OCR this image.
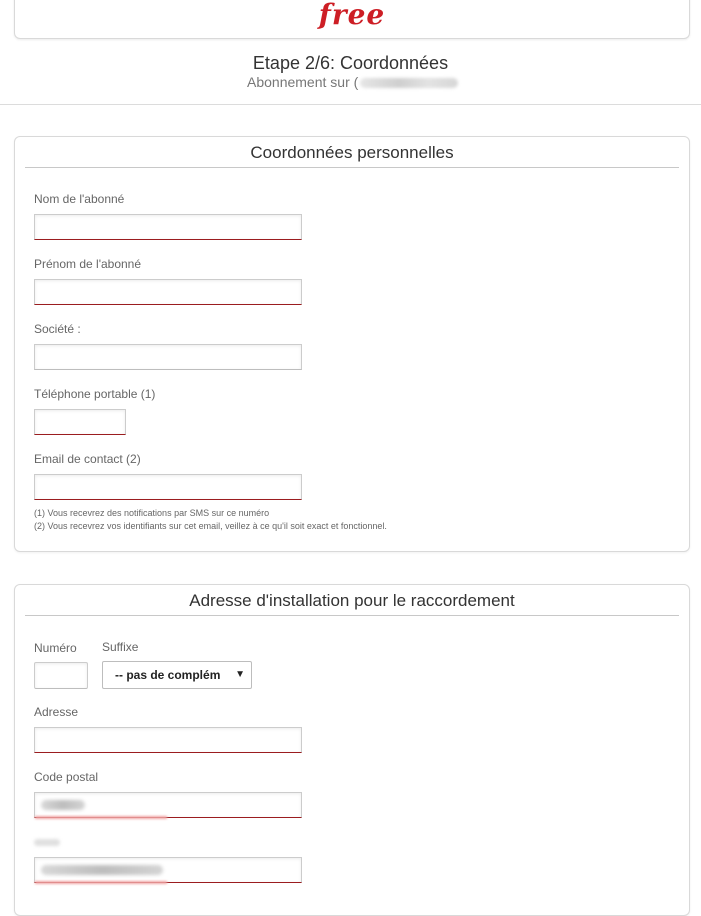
free
Etape 2/6: Coordonnées
Abonnement sur (
Coordonnées personnelles
Nom de l'abonné
Prénom de l'abonné
Société :
Téléphone portable (1)
Email de contact (2)
(1) Vous recevrez des notifications par SMS sur ce numéro
(2) Vous recevrez vos identifiants sur cet email, veillez à ce qu'il soit exact et fonctionnel.
Adresse d'installation pour le raccordement
Numéro Suffixe
-- pas de complém ▼
Adresse
Code postal
